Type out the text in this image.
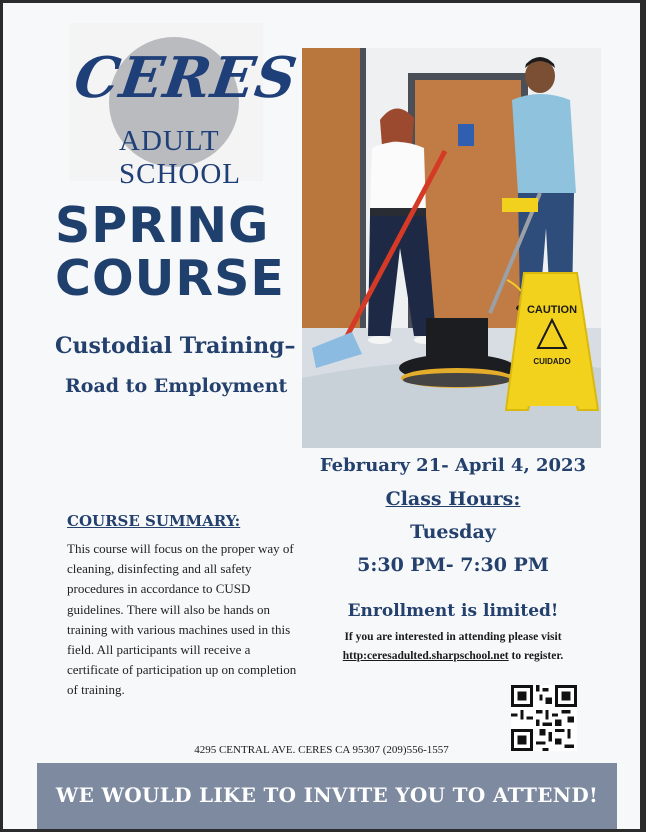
CERES
ADULT SCHOOL
CAUTION
CUIDADO
SPRING
COURSE
Custodial Training–
Road to Employment
February 21- April 4, 2023
Class Hours:
Tuesday
5:30 PM- 7:30 PM
COURSE SUMMARY:
This course will focus on the proper way of cleaning, disinfecting and all safety procedures in accordance to CUSD guidelines. There will also be hands on training with various machines used in this field. All participants will receive a certificate of participation up on completion of training.
Enrollment is limited!
If you are interested in attending please visit
http:ceresadulted.sharpschool.net to register.
4295 CENTRAL AVE. CERES CA 95307 (209)556-1557
WE WOULD LIKE TO INVITE YOU TO ATTEND!
